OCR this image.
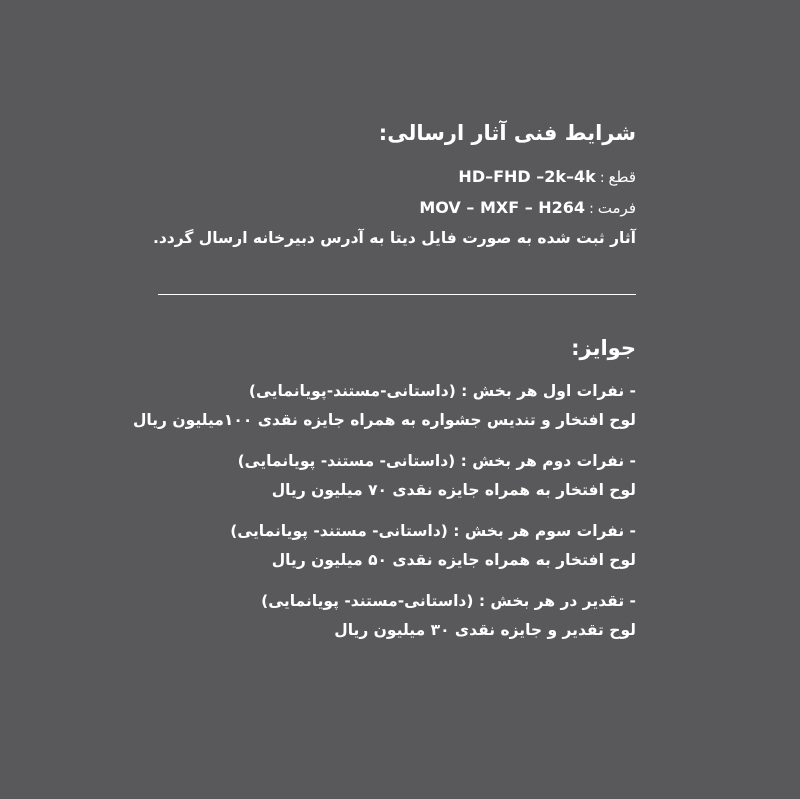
شرایط فنی آثار ارسالی:
قطع:HD–FHD –2k–4k
فرمت:MOV – MXF – H264
آثار ثبت شده به صورت فایل دیتا به آدرس دبیرخانه ارسال گردد.
جوایز:
- نفرات اول هر بخش : (داستانی-مستند-پویانمایی)
لوح افتخار و تندیس جشواره به همراه جایزه نقدی ۱۰۰میلیون ریال
- نفرات دوم هر بخش : (داستانی- مستند- پویانمایی)
لوح افتخار به همراه جایزه نقدی ۷۰ میلیون ریال
- نفرات سوم هر بخش : (داستانی- مستند- پویانمایی)
لوح افتخار به همراه جایزه نقدی ۵۰ میلیون ریال
- تقدیر در هر بخش : (داستانی-مستند- پویانمایی)
لوح تقدیر و جایزه نقدی ۳۰ میلیون ریال
